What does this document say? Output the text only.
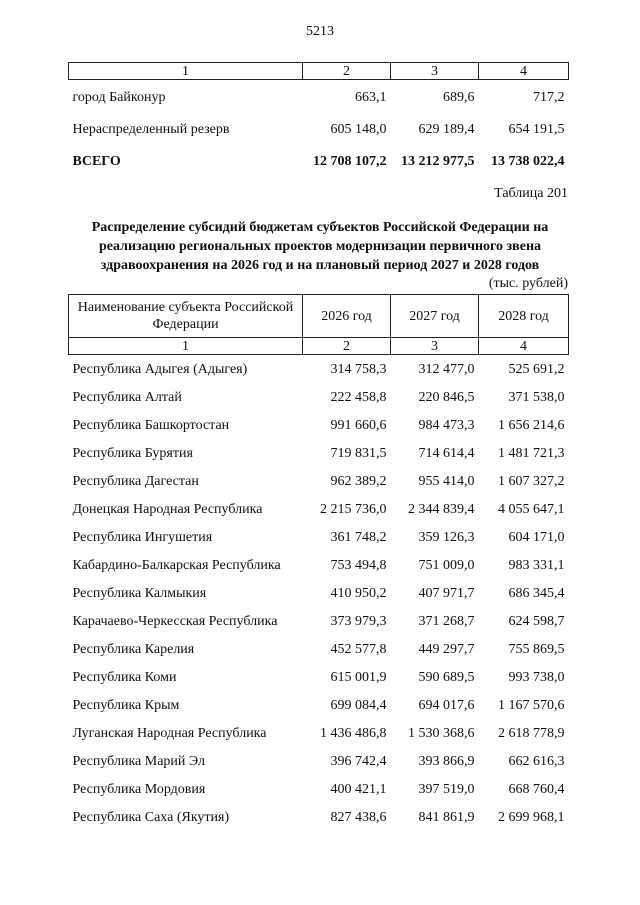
5213
1	2	3	4
город Байконур	663,1	689,6	717,2
Нераспределенный резерв	605 148,0	629 189,4	654 191,5
ВСЕГО	12 708 107,2	13 212 977,5	13 738 022,4
Таблица 201
Распределение субсидий бюджетам субъектов Российской Федерации на реализацию региональных проектов модернизации первичного звена здравоохранения на 2026 год и на плановый период 2027 и 2028 годов
(тыс. рублей)
Наименование субъекта Российской Федерации	2026 год	2027 год	2028 год
1	2	3	4
Республика Адыгея (Адыгея)	314 758,3	312 477,0	525 691,2
Республика Алтай	222 458,8	220 846,5	371 538,0
Республика Башкортостан	991 660,6	984 473,3	1 656 214,6
Республика Бурятия	719 831,5	714 614,4	1 481 721,3
Республика Дагестан	962 389,2	955 414,0	1 607 327,2
Донецкая Народная Республика	2 215 736,0	2 344 839,4	4 055 647,1
Республика Ингушетия	361 748,2	359 126,3	604 171,0
Кабардино-Балкарская Республика	753 494,8	751 009,0	983 331,1
Республика Калмыкия	410 950,2	407 971,7	686 345,4
Карачаево-Черкесская Республика	373 979,3	371 268,7	624 598,7
Республика Карелия	452 577,8	449 297,7	755 869,5
Республика Коми	615 001,9	590 689,5	993 738,0
Республика Крым	699 084,4	694 017,6	1 167 570,6
Луганская Народная Республика	1 436 486,8	1 530 368,6	2 618 778,9
Республика Марий Эл	396 742,4	393 866,9	662 616,3
Республика Мордовия	400 421,1	397 519,0	668 760,4
Республика Саха (Якутия)	827 438,6	841 861,9	2 699 968,1
